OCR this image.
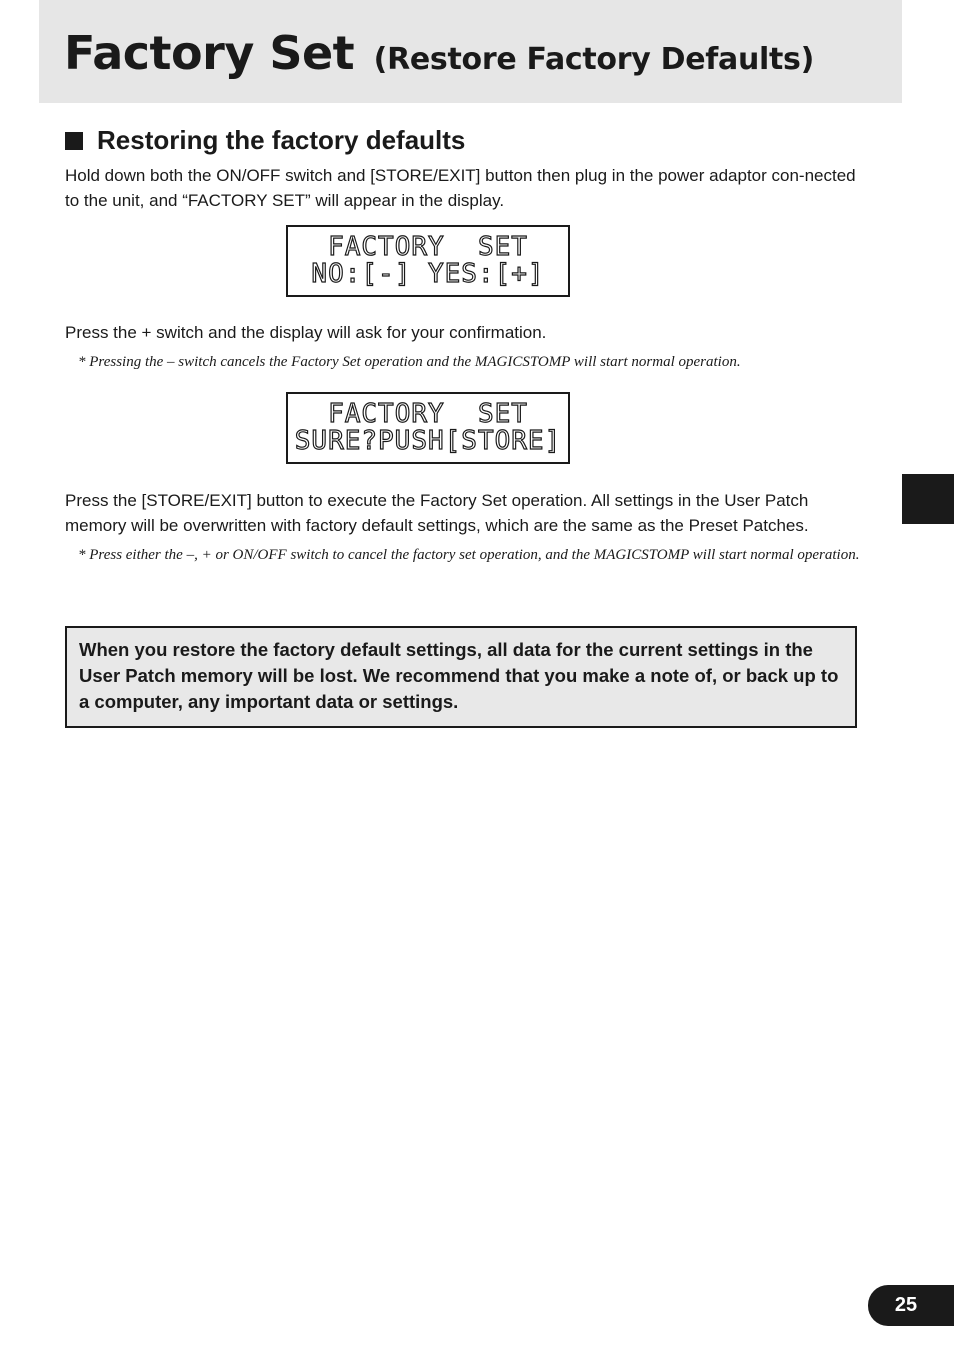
Factory Set (Restore Factory Defaults)
Restoring the factory defaults

Hold down both the ON/OFF switch and [STORE/EXIT] button then plug in the power adaptor con-nected to the unit, and “FACTORY SET” will appear in the display.

FACTORY  SET
NO:[-] YES:[+]

Press the + switch and the display will ask for your confirmation.

* Pressing the – switch cancels the Factory Set operation and the MAGICSTOMP will start normal operation.

FACTORY  SET
SURE?PUSH[STORE]

Press the [STORE/EXIT] button to execute the Factory Set operation. All settings in the User Patch memory will be overwritten with factory default settings, which are the same as the Preset Patches.

* Press either the –, + or ON/OFF switch to cancel the factory set operation, and the MAGICSTOMP will start normal operation.

When you restore the factory default settings, all data for the current settings in the User Patch memory will be lost. We recommend that you make a note of, or back up to a computer, any important data or settings.

25
